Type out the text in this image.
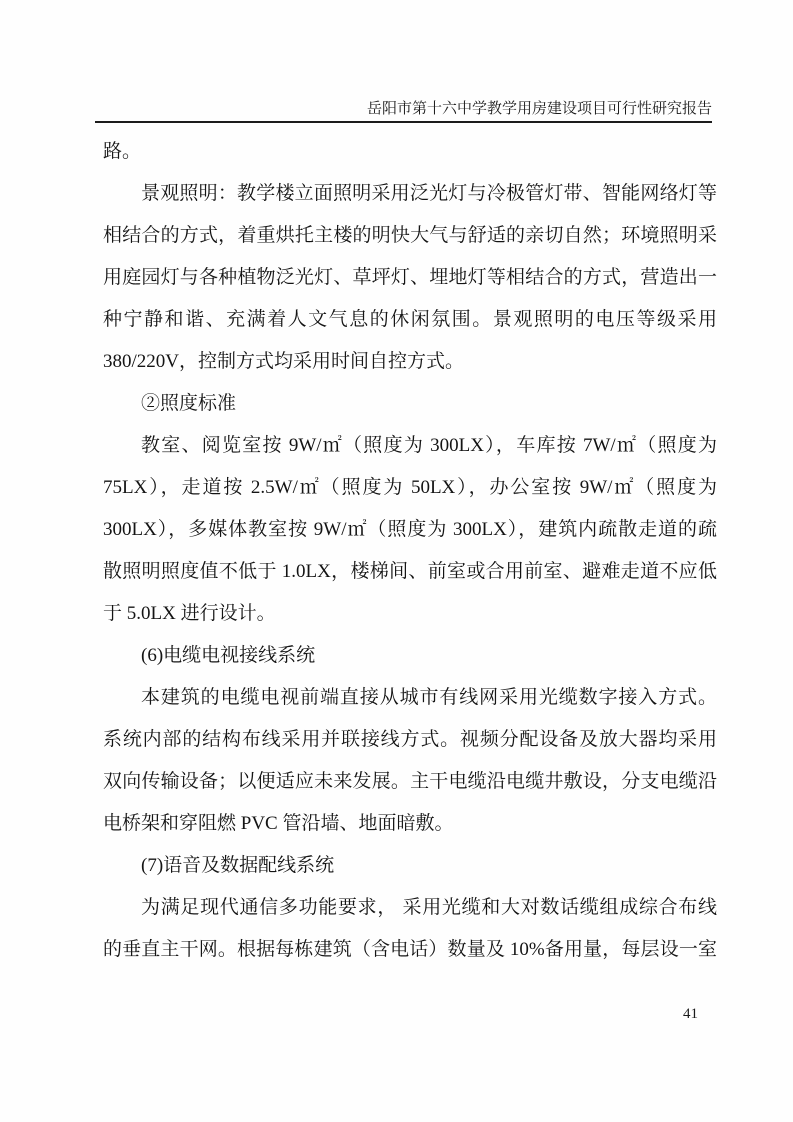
岳阳市第十六中学教学用房建设项目可行性研究报告
路。
景观照明：教学楼立面照明采用泛光灯与冷极管灯带、智能网络灯等
相结合的方式，着重烘托主楼的明快大气与舒适的亲切自然；环境照明采
用庭园灯与各种植物泛光灯、草坪灯、埋地灯等相结合的方式，营造出一
种宁静和谐、充满着人文气息的休闲氛围。景观照明的电压等级采用
380/220V，控制方式均采用时间自控方式。
②照度标准
教室、阅览室按 9W/㎡（照度为 300LX），车库按 7W/㎡（照度为
75LX），走道按 2.5W/㎡（照度为 50LX），办公室按 9W/㎡（照度为
300LX），多媒体教室按 9W/㎡（照度为 300LX），建筑内疏散走道的疏
散照明照度值不低于 1.0LX，楼梯间、前室或合用前室、避难走道不应低
于 5.0LX 进行设计。
(6)电缆电视接线系统
本建筑的电缆电视前端直接从城市有线网采用光缆数字接入方式。
系统内部的结构布线采用并联接线方式。视频分配设备及放大器均采用
双向传输设备；以便适应未来发展。主干电缆沿电缆井敷设，分支电缆沿
电桥架和穿阻燃 PVC 管沿墙、地面暗敷。
(7)语音及数据配线系统
为满足现代通信多功能要求， 采用光缆和大对数话缆组成综合布线
的垂直主干网。根据每栋建筑（含电话）数量及 10%备用量，每层设一室
41
